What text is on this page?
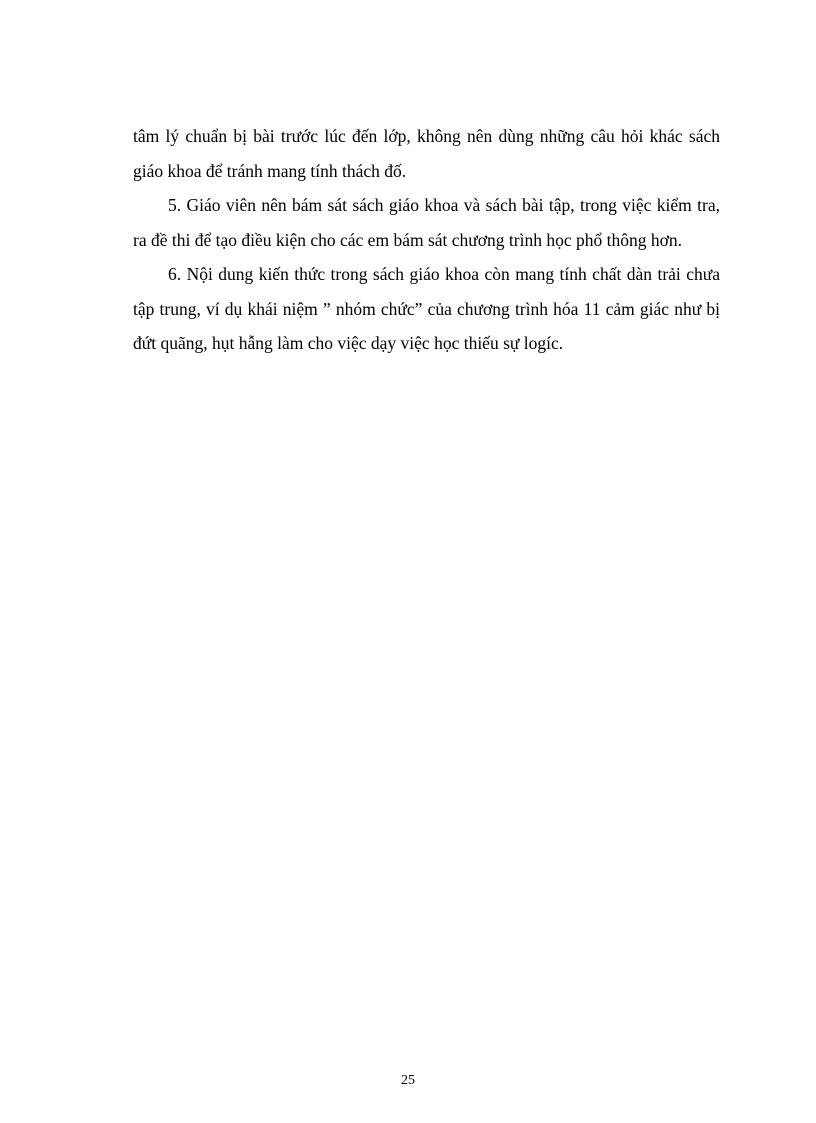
tâm lý chuẩn bị bài trước lúc đến lớp, không nên dùng những câu hỏi khác sách giáo khoa để tránh mang tính thách đố.

5. Giáo viên nên bám sát sách giáo khoa và sách bài tập, trong việc kiểm tra, ra đề thi để tạo điều kiện cho các em bám sát chương trình học phổ thông hơn.

6. Nội dung kiến thức trong sách giáo khoa còn mang tính chất dàn trải chưa tập trung, ví dụ khái niệm ” nhóm chức” của chương trình hóa 11 cảm giác như bị đứt quãng, hụt hẫng làm cho việc dạy việc học thiếu sự logíc.

25
